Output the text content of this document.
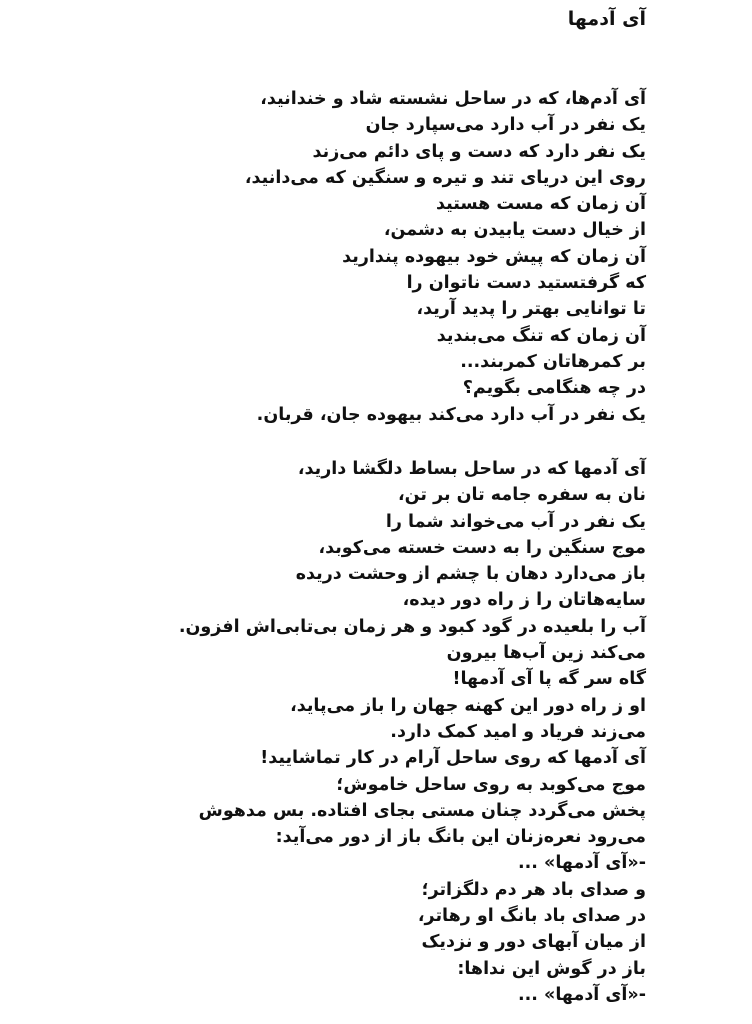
آی آدمها
آی آدم‌ها، که در ساحل نشسته شاد و خندانید،
یک نفر در آب دارد می‌سپارد جان
یک نفر دارد که دست و پای دائم می‌زند
روی این دریای تند و تیره و سنگین که می‌دانید،
آن زمان که مست هستید
از خیال دست یابیدن به دشمن،
آن زمان که پیش خود بیهوده پندارید
که گرفتستید دست ناتوان را
تا توانایی بهتر را پدید آرید،
آن زمان که تنگ می‌بندید
بر کمرهاتان کمربند...
در چه هنگامی بگویم؟
یک نفر در آب دارد می‌کند بیهوده جان، قربان.
آی آدمها که در ساحل بساط دلگشا دارید،
نان به سفره جامه تان بر تن،
یک نفر در آب می‌خواند شما را
موج سنگین را به دست خسته می‌کوبد،
باز می‌دارد دهان با چشم از وحشت دریده
سایه‌هاتان را ز راه دور دیده،
آب را بلعیده در گود کبود و هر زمان بی‌تابی‌اش افزون.
می‌کند زین آب‌ها بیرون
گاه سر گه پا آی آدمها!
او ز راه دور این کهنه جهان را باز می‌پاید،
می‌زند فریاد و امید کمک دارد.
آی آدمها که روی ساحل آرام در کار تماشایید!
موج می‌کوبد به روی ساحل خاموش؛
پخش می‌گردد چنان مستی بجای افتاده. بس مدهوش
می‌رود نعره‌زنان این بانگ باز از دور می‌آید:
-«آی آدمها» ...
و صدای باد هر دم دلگزاتر؛
در صدای باد بانگ او رهاتر،
از میان آبهای دور و نزدیک
باز در گوش این نداها:
-«آی آدمها» ...
